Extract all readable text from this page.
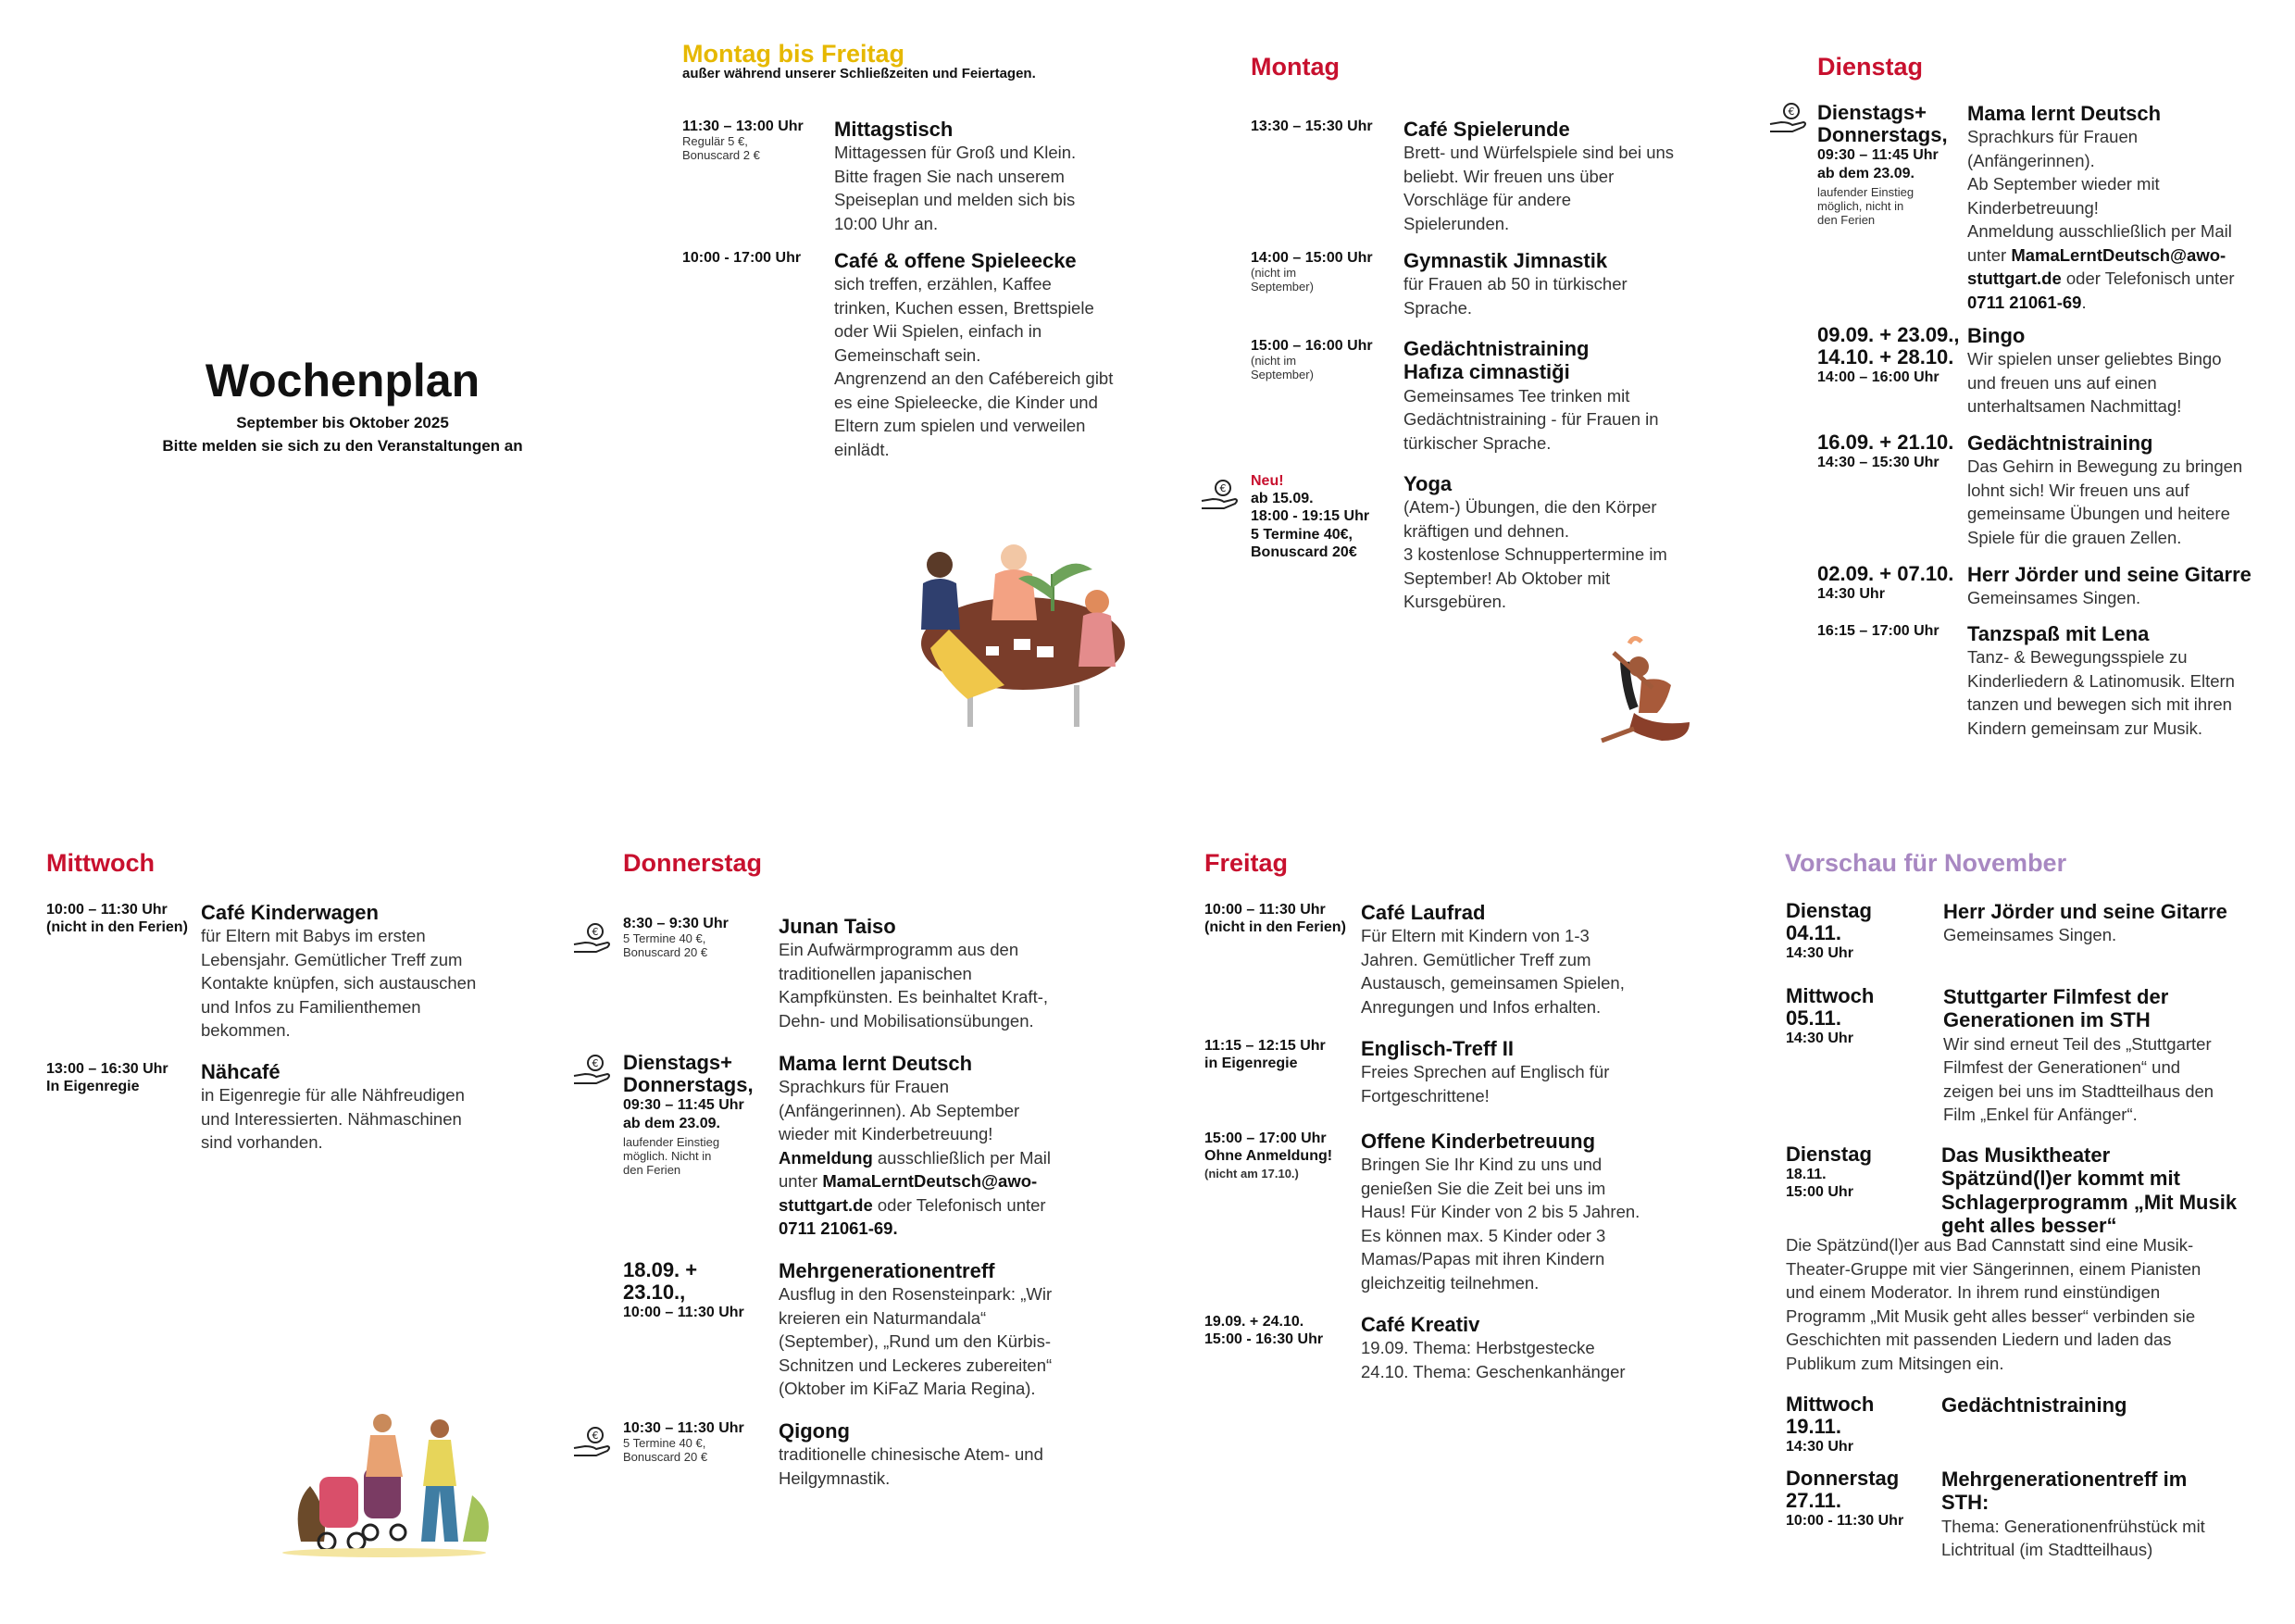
Wochenplan
September bis Oktober 2025
Bitte melden sie sich zu den Veranstaltungen an
Montag bis Freitag
außer während unserer Schließzeiten und Feiertagen.
11:30 – 13:00 Uhr
Regulär 5 €,
Bonuscard 2 €
Mittagstisch
Mittagessen für Groß und Klein.
Bitte fragen Sie nach unserem
Speiseplan und melden sich bis
10:00 Uhr an.
10:00 - 17:00 Uhr Café & offene Spieleecke
sich treffen, erzählen, Kaffee
trinken, Kuchen essen, Brettspiele
oder Wii Spielen, einfach in
Gemeinschaft sein.
Angrenzend an den Cafébereich gibt
es eine Spieleecke, die Kinder und
Eltern zum spielen und verweilen
einlädt.
Montag
13:30 – 15:30 Uhr Café Spielerunde
Brett- und Würfelspiele sind bei uns
beliebt. Wir freuen uns über
Vorschläge für andere
Spielerunden.
14:00 – 15:00 Uhr
(nicht im
September)
Gymnastik Jimnastik
für Frauen ab 50 in türkischer
Sprache.
15:00 – 16:00 Uhr
(nicht im
September)
Gedächtnistraining
Hafıza cimnastiği
Gemeinsames Tee trinken mit
Gedächtnistraining - für Frauen in
türkischer Sprache.
€ Neu!
ab 15.09.
18:00 - 19:15 Uhr
5 Termine 40€,
Bonuscard 20€
Yoga
(Atem-) Übungen, die den Körper
kräftigen und dehnen.
3 kostenlose Schnuppertermine im
September! Ab Oktober mit
Kursgebüren.
Dienstag
€ Dienstags+
Donnerstags,
09:30 – 11:45 Uhr
ab dem 23.09.
laufender Einstieg
möglich, nicht in
den Ferien
Mama lernt Deutsch
Sprachkurs für Frauen
(Anfängerinnen).
Ab September wieder mit
Kinderbetreuung!
Anmeldung ausschließlich per Mail
unter MamaLerntDeutsch@awo-
stuttgart.de oder Telefonisch unter
0711 21061-69.
09.09. + 23.09.,
14.10. + 28.10.
14:00 – 16:00 Uhr
Bingo
Wir spielen unser geliebtes Bingo
und freuen uns auf einen
unterhaltsamen Nachmittag!
16.09. + 21.10.
14:30 – 15:30 Uhr
Gedächtnistraining
Das Gehirn in Bewegung zu bringen
lohnt sich! Wir freuen uns auf
gemeinsame Übungen und heitere
Spiele für die grauen Zellen.
02.09. + 07.10.
14:30 Uhr
Herr Jörder und seine Gitarre
Gemeinsames Singen.
16:15 – 17:00 Uhr Tanzspaß mit Lena
Tanz- & Bewegungsspiele zu
Kinderliedern & Latinomusik. Eltern
tanzen und bewegen sich mit ihren
Kindern gemeinsam zur Musik.
Mittwoch
10:00 – 11:30 Uhr
(nicht in den Ferien)
Café Kinderwagen
für Eltern mit Babys im ersten
Lebensjahr. Gemütlicher Treff zum
Kontakte knüpfen, sich austauschen
und Infos zu Familienthemen
bekommen.
13:00 – 16:30 Uhr
In Eigenregie
Nähcafé
in Eigenregie für alle Nähfreudigen
und Interessierten. Nähmaschinen
sind vorhanden.
Donnerstag
€
8:30 – 9:30 Uhr
5 Termine 40 €,
Bonuscard 20 €
Junan Taiso
Ein Aufwärmprogramm aus den
traditionellen japanischen
Kampfkünsten. Es beinhaltet Kraft-,
Dehn- und Mobilisationsübungen.
€ Dienstags+
Donnerstags,
09:30 – 11:45 Uhr
ab dem 23.09.
laufender Einstieg
möglich. Nicht in
den Ferien
Mama lernt Deutsch
Sprachkurs für Frauen
(Anfängerinnen). Ab September
wieder mit Kinderbetreuung!
Anmeldung ausschließlich per Mail
unter MamaLerntDeutsch@awo-
stuttgart.de oder Telefonisch unter
0711 21061-69.
18.09. +
23.10.,
10:00 – 11:30 Uhr
Mehrgenerationentreff
Ausflug in den Rosensteinpark: „Wir
kreieren ein Naturmandala“
(September), „Rund um den Kürbis-
Schnitzen und Leckeres zubereiten“
(Oktober im KiFaZ Maria Regina).
€ 10:30 – 11:30 Uhr
5 Termine 40 €,
Bonuscard 20 €
Qigong
traditionelle chinesische Atem- und
Heilgymnastik.
Freitag
10:00 – 11:30 Uhr
(nicht in den Ferien)
Café Laufrad
Für Eltern mit Kindern von 1-3
Jahren. Gemütlicher Treff zum
Austausch, gemeinsamen Spielen,
Anregungen und Infos erhalten.
11:15 – 12:15 Uhr
in Eigenregie
Englisch-Treff II
Freies Sprechen auf Englisch für
Fortgeschrittene!
15:00 – 17:00 Uhr
Ohne Anmeldung!
(nicht am 17.10.)
Offene Kinderbetreuung
Bringen Sie Ihr Kind zu uns und
genießen Sie die Zeit bei uns im
Haus! Für Kinder von 2 bis 5 Jahren.
Es können max. 5 Kinder oder 3
Mamas/Papas mit ihren Kindern
gleichzeitig teilnehmen.
19.09. + 24.10.
15:00 - 16:30 Uhr
Café Kreativ
19.09. Thema: Herbstgestecke
24.10. Thema: Geschenkanhänger
Vorschau für November
Dienstag
04.11.
14:30 Uhr
Herr Jörder und seine Gitarre
Gemeinsames Singen.
Mittwoch
05.11.
14:30 Uhr
Stuttgarter Filmfest der
Generationen im STH
Wir sind erneut Teil des „Stuttgarter
Filmfest der Generationen“ und
zeigen bei uns im Stadtteilhaus den
Film „Enkel für Anfänger“.
Dienstag
18.11.
15:00 Uhr
Das Musiktheater
Spätzünd(l)er kommt mit
Schlagerprogramm „Mit Musik
geht alles besser“
Die Spätzünd(l)er aus Bad Cannstatt sind eine Musik-
Theater-Gruppe mit vier Sängerinnen, einem Pianisten
und einem Moderator. In ihrem rund einstündigen
Programm „Mit Musik geht alles besser“ verbinden sie
Geschichten mit passenden Liedern und laden das
Publikum zum Mitsingen ein.
Mittwoch
19.11.
14:30 Uhr
Gedächtnistraining
Donnerstag
27.11.
10:00 - 11:30 Uhr
Mehrgenerationentreff im
STH:
Thema: Generationenfrühstück mit
Lichtritual (im Stadtteilhaus)
